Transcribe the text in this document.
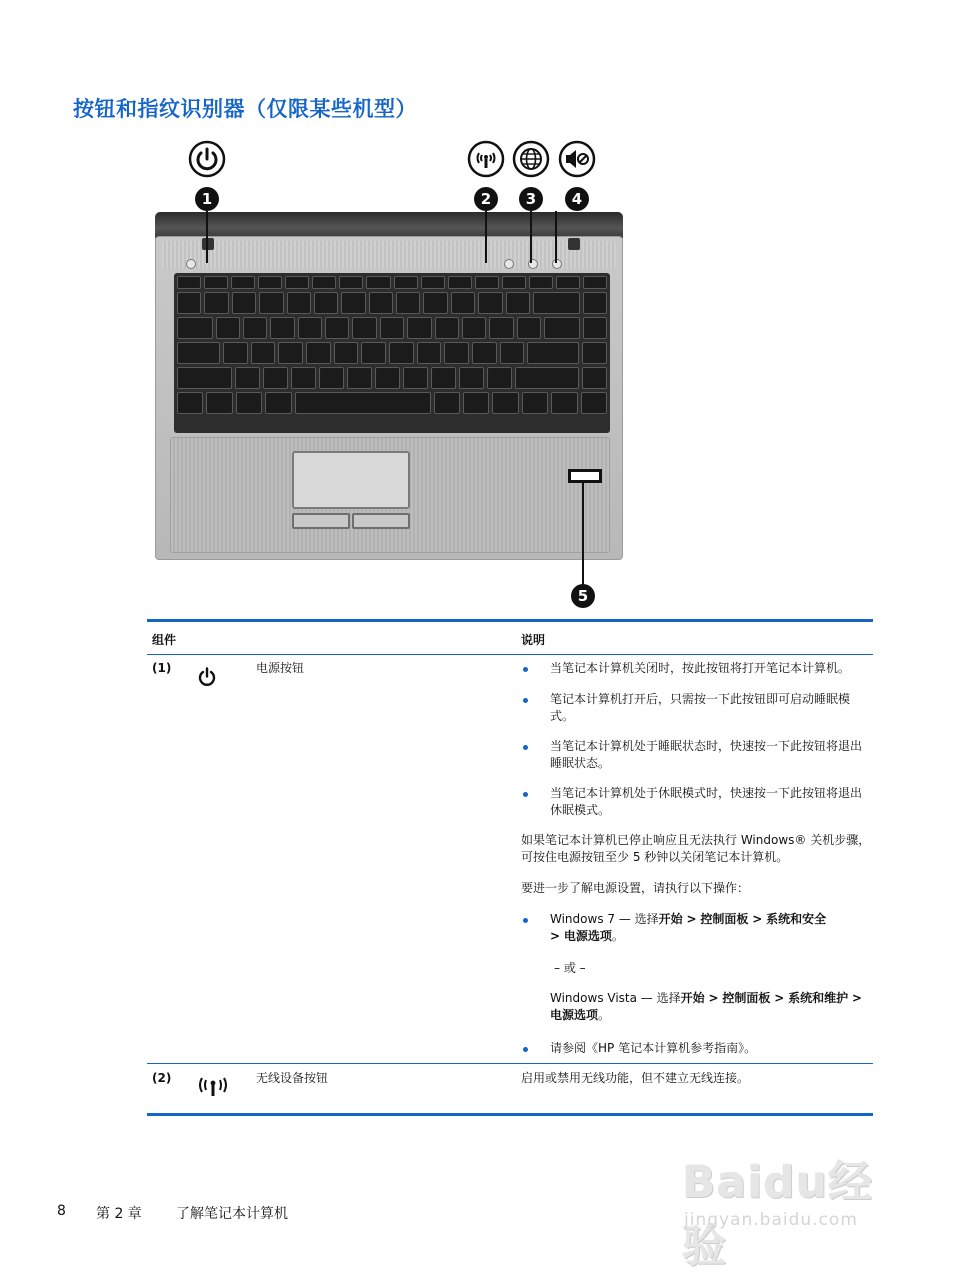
按钮和指纹识别器（仅限某些机型）
1	2	3	4
5
组件	说明
(1)	电源按钮	当笔记本计算机关闭时，按此按钮将打开笔记本计算机。
笔记本计算机打开后，只需按一下此按钮即可启动睡眠模式。
当笔记本计算机处于睡眠状态时，快速按一下此按钮将退出睡眠状态。
当笔记本计算机处于休眠模式时，快速按一下此按钮将退出休眠模式。
如果笔记本计算机已停止响应且无法执行 Windows® 关机步骤，可按住电源按钮至少 5 秒钟以关闭笔记本计算机。
要进一步了解电源设置，请执行以下操作：
Windows 7 — 选择开始 > 控制面板 > 系统和安全
> 电源选项。
– 或 –
Windows Vista — 选择开始 > 控制面板 > 系统和维护 > 电源选项。
请参阅《HP 笔记本计算机参考指南》。
(2)	无线设备按钮	启用或禁用无线功能，但不建立无线连接。
8 第 2 章 了解笔记本计算机
Baidu经验
jingyan.baidu.com
